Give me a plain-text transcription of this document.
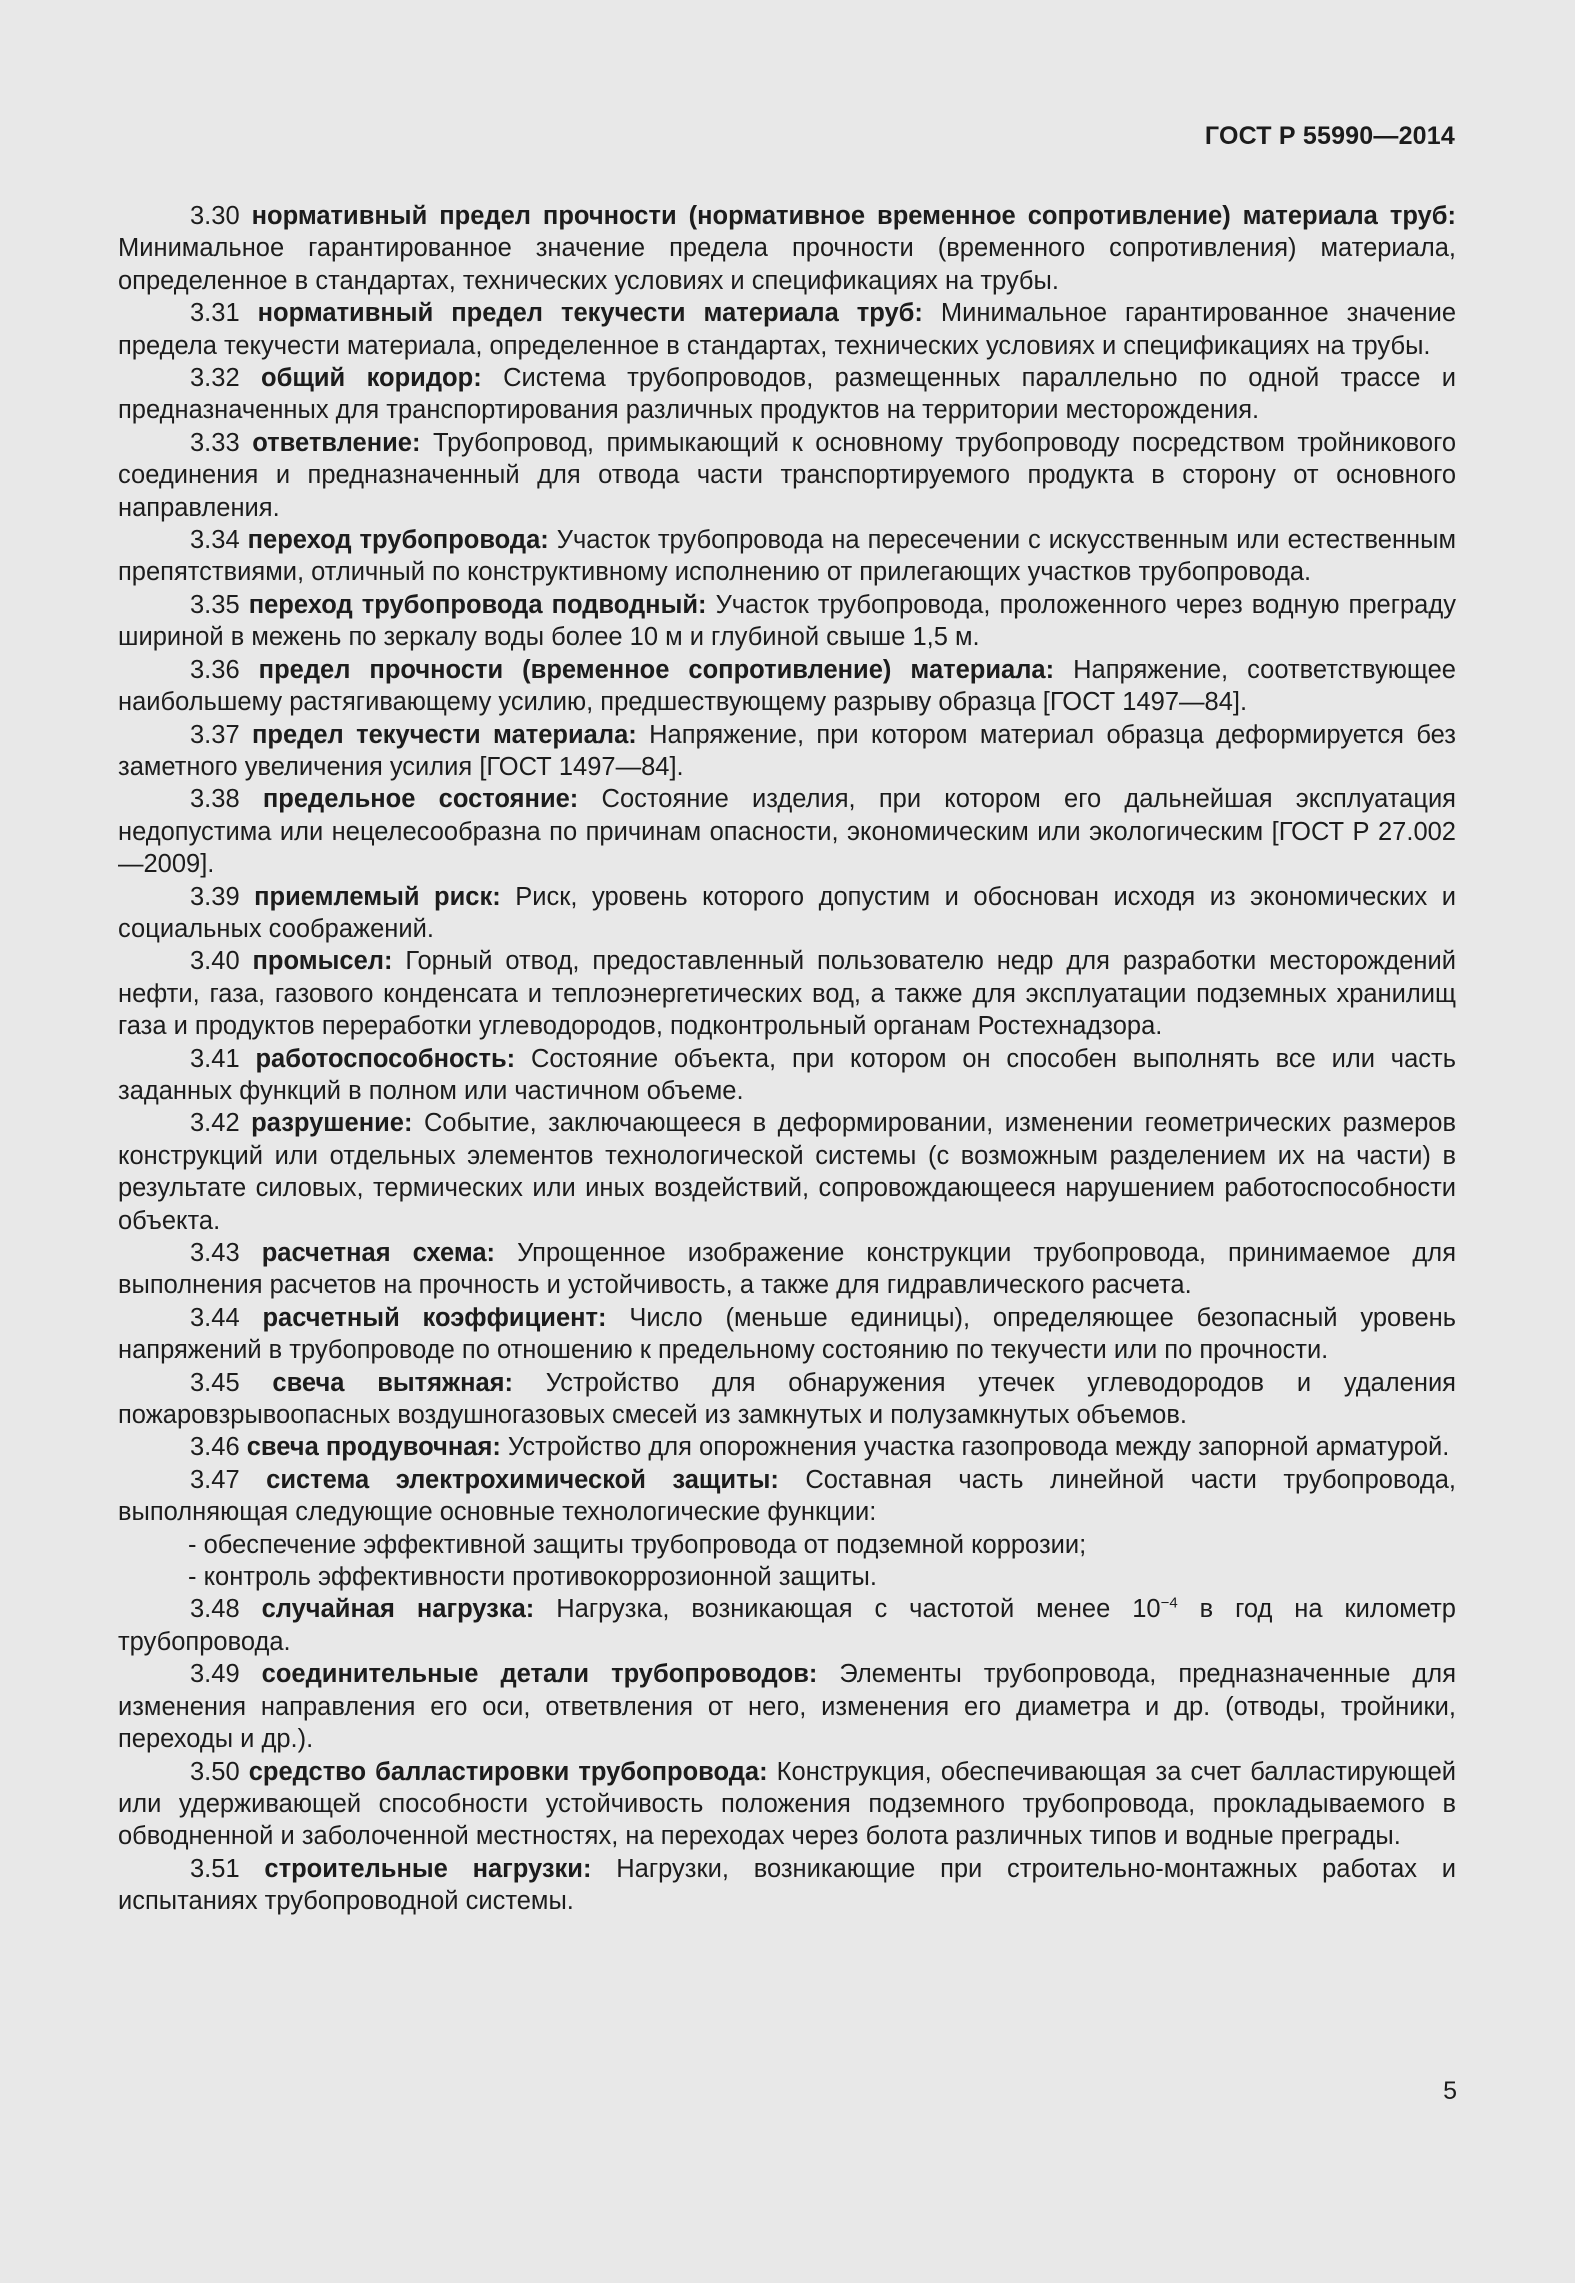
ГОСТ Р 55990—2014

3.30 нормативный предел прочности (нормативное временное сопротивление) материала труб: Минимальное гарантированное значение предела прочности (временного сопротивления) материала, определенное в стандартах, технических условиях и спецификациях на трубы.

3.31 нормативный предел текучести материала труб: Минимальное гарантированное значение предела текучести материала, определенное в стандартах, технических условиях и спецификациях на трубы.

3.32 общий коридор: Система трубопроводов, размещенных параллельно по одной трассе и предназначенных для транспортирования различных продуктов на территории месторождения.

3.33 ответвление: Трубопровод, примыкающий к основному трубопроводу посредством тройникового соединения и предназначенный для отвода части транспортируемого продукта в сторону от основного направления.

3.34 переход трубопровода: Участок трубопровода на пересечении с искусственным или естественным препятствиями, отличный по конструктивному исполнению от прилегающих участков трубопровода.

3.35 переход трубопровода подводный: Участок трубопровода, проложенного через водную преграду шириной в межень по зеркалу воды более 10 м и глубиной свыше 1,5 м.

3.36 предел прочности (временное сопротивление) материала: Напряжение, соответствующее наибольшему растягивающему усилию, предшествующему разрыву образца [ГОСТ 1497—84].

3.37 предел текучести материала: Напряжение, при котором материал образца деформируется без заметного увеличения усилия [ГОСТ 1497—84].

3.38 предельное состояние: Состояние изделия, при котором его дальнейшая эксплуатация недопустима или нецелесообразна по причинам опасности, экономическим или экологическим [ГОСТ Р 27.002—2009].

3.39 приемлемый риск: Риск, уровень которого допустим и обоснован исходя из экономических и социальных соображений.

3.40 промысел: Горный отвод, предоставленный пользователю недр для разработки месторождений нефти, газа, газового конденсата и теплоэнергетических вод, а также для эксплуатации подземных хранилищ газа и продуктов переработки углеводородов, подконтрольный органам Ростехнадзора.

3.41 работоспособность: Состояние объекта, при котором он способен выполнять все или часть заданных функций в полном или частичном объеме.

3.42 разрушение: Событие, заключающееся в деформировании, изменении геометрических размеров конструкций или отдельных элементов технологической системы (с возможным разделением их на части) в результате силовых, термических или иных воздействий, сопровождающееся нарушением работоспособности объекта.

3.43 расчетная схема: Упрощенное изображение конструкции трубопровода, принимаемое для выполнения расчетов на прочность и устойчивость, а также для гидравлического расчета.

3.44 расчетный коэффициент: Число (меньше единицы), определяющее безопасный уровень напряжений в трубопроводе по отношению к предельному состоянию по текучести или по прочности.

3.45 свеча вытяжная: Устройство для обнаружения утечек углеводородов и удаления пожаровзрывоопасных воздушногазовых смесей из замкнутых и полузамкнутых объемов.

3.46 свеча продувочная: Устройство для опорожнения участка газопровода между запорной арматурой.

3.47 система электрохимической защиты: Составная часть линейной части трубопровода, выполняющая следующие основные технологические функции:

- обеспечение эффективной защиты трубопровода от подземной коррозии;

- контроль эффективности противокоррозионной защиты.

3.48 случайная нагрузка: Нагрузка, возникающая с частотой менее $10^{-4}$ в год на километр трубопровода.

3.49 соединительные детали трубопроводов: Элементы трубопровода, предназначенные для изменения направления его оси, ответвления от него, изменения его диаметра и др. (отводы, тройники, переходы и др.).

3.50 средство балластировки трубопровода: Конструкция, обеспечивающая за счет балластирующей или удерживающей способности устойчивость положения подземного трубопровода, прокладываемого в обводненной и заболоченной местностях, на переходах через болота различных типов и водные преграды.

3.51 строительные нагрузки: Нагрузки, возникающие при строительно-монтажных работах и испытаниях трубопроводной системы.

5
